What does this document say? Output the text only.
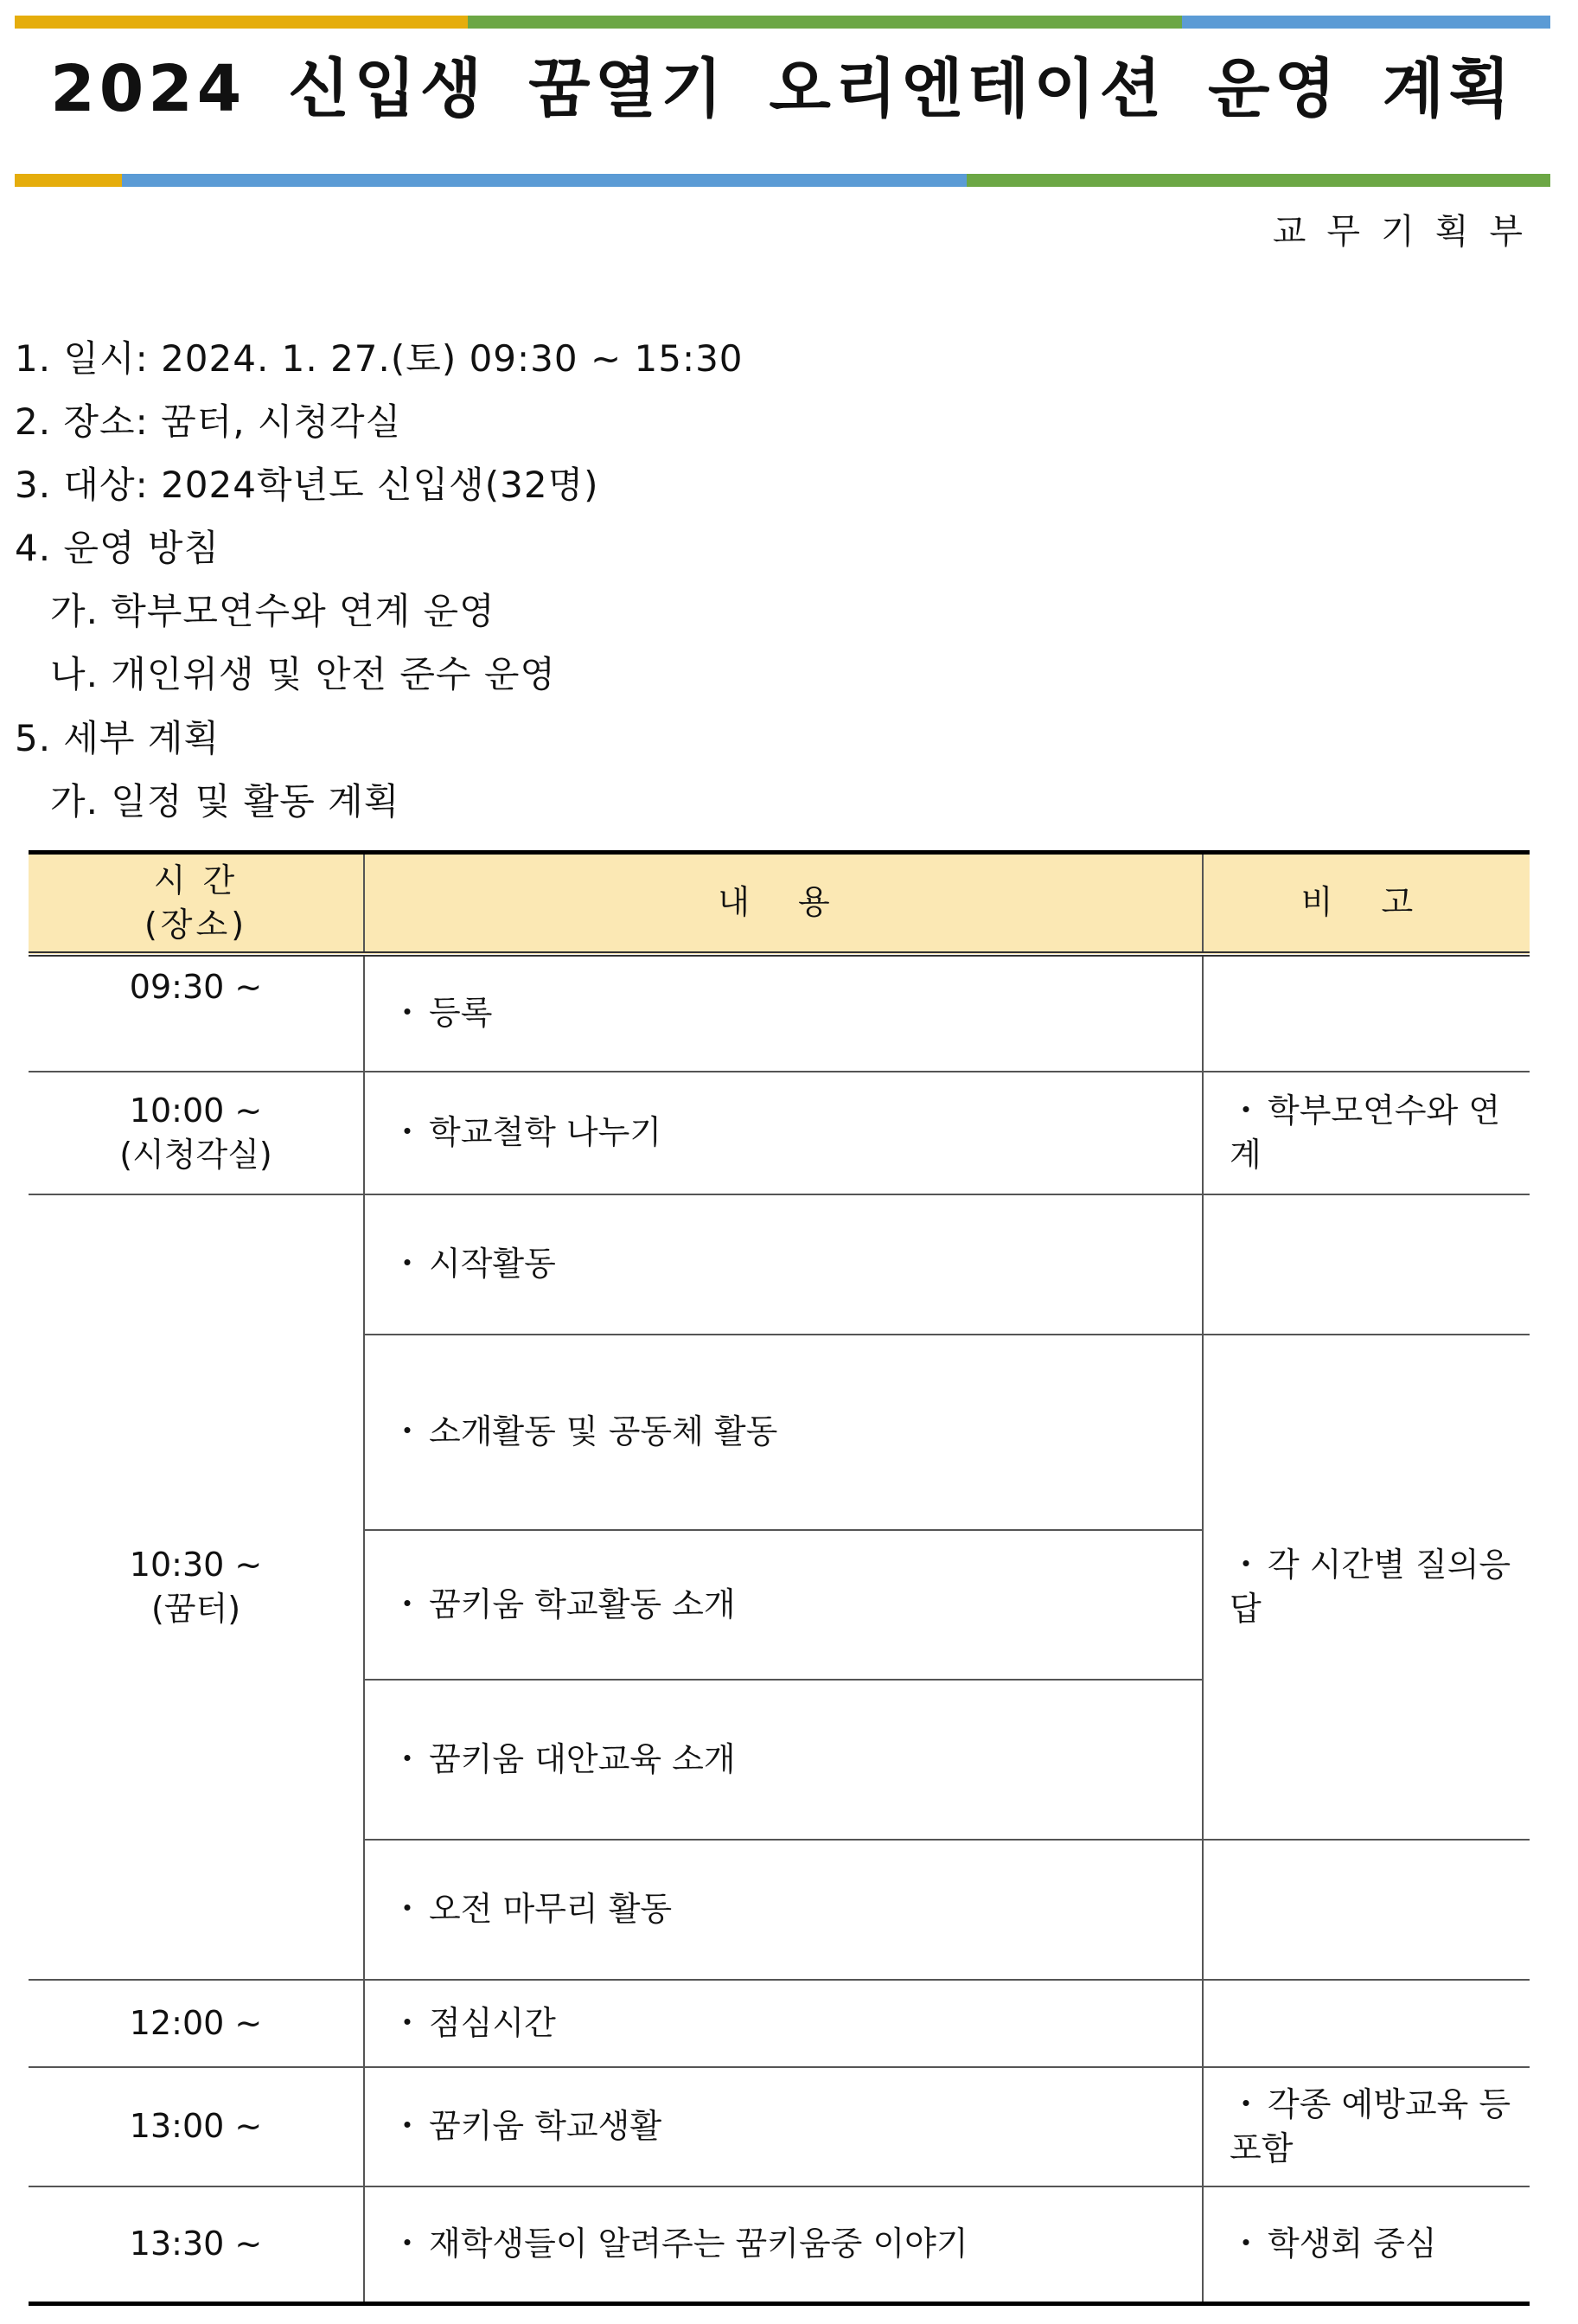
2024 신입생 꿈열기 오리엔테이션 운영 계획
교무기획부
1. 일시: 2024. 1. 27.(토) 09:30 ~ 15:30
2. 장소: 꿈터, 시청각실
3. 대상: 2024학년도 신입생(32명)
4. 운영 방침
가. 학부모연수와 연계 운영
나. 개인위생 및 안전 준수 운영
5. 세부 계획
가. 일정 및 활동 계획
시 간
(장소)	내 용	비 고
09:30 ~	・ 등록	
10:00 ~
(시청각실)	・ 학교철학 나누기	・ 학부모연수와 연계
10:30 ~
(꿈터)	・ 시작활동	
	・ 소개활동 및 공동체 활동	・ 각 시간별 질의응답
	・ 꿈키움 학교활동 소개	
	・ 꿈키움 대안교육 소개	
	・ 오전 마무리 활동	
12:00 ~	・ 점심시간	
13:00 ~	・ 꿈키움 학교생활	・ 각종 예방교육 등 포함
13:30 ~	・ 재학생들이 알려주는 꿈키움중 이야기	・ 학생회 중심
